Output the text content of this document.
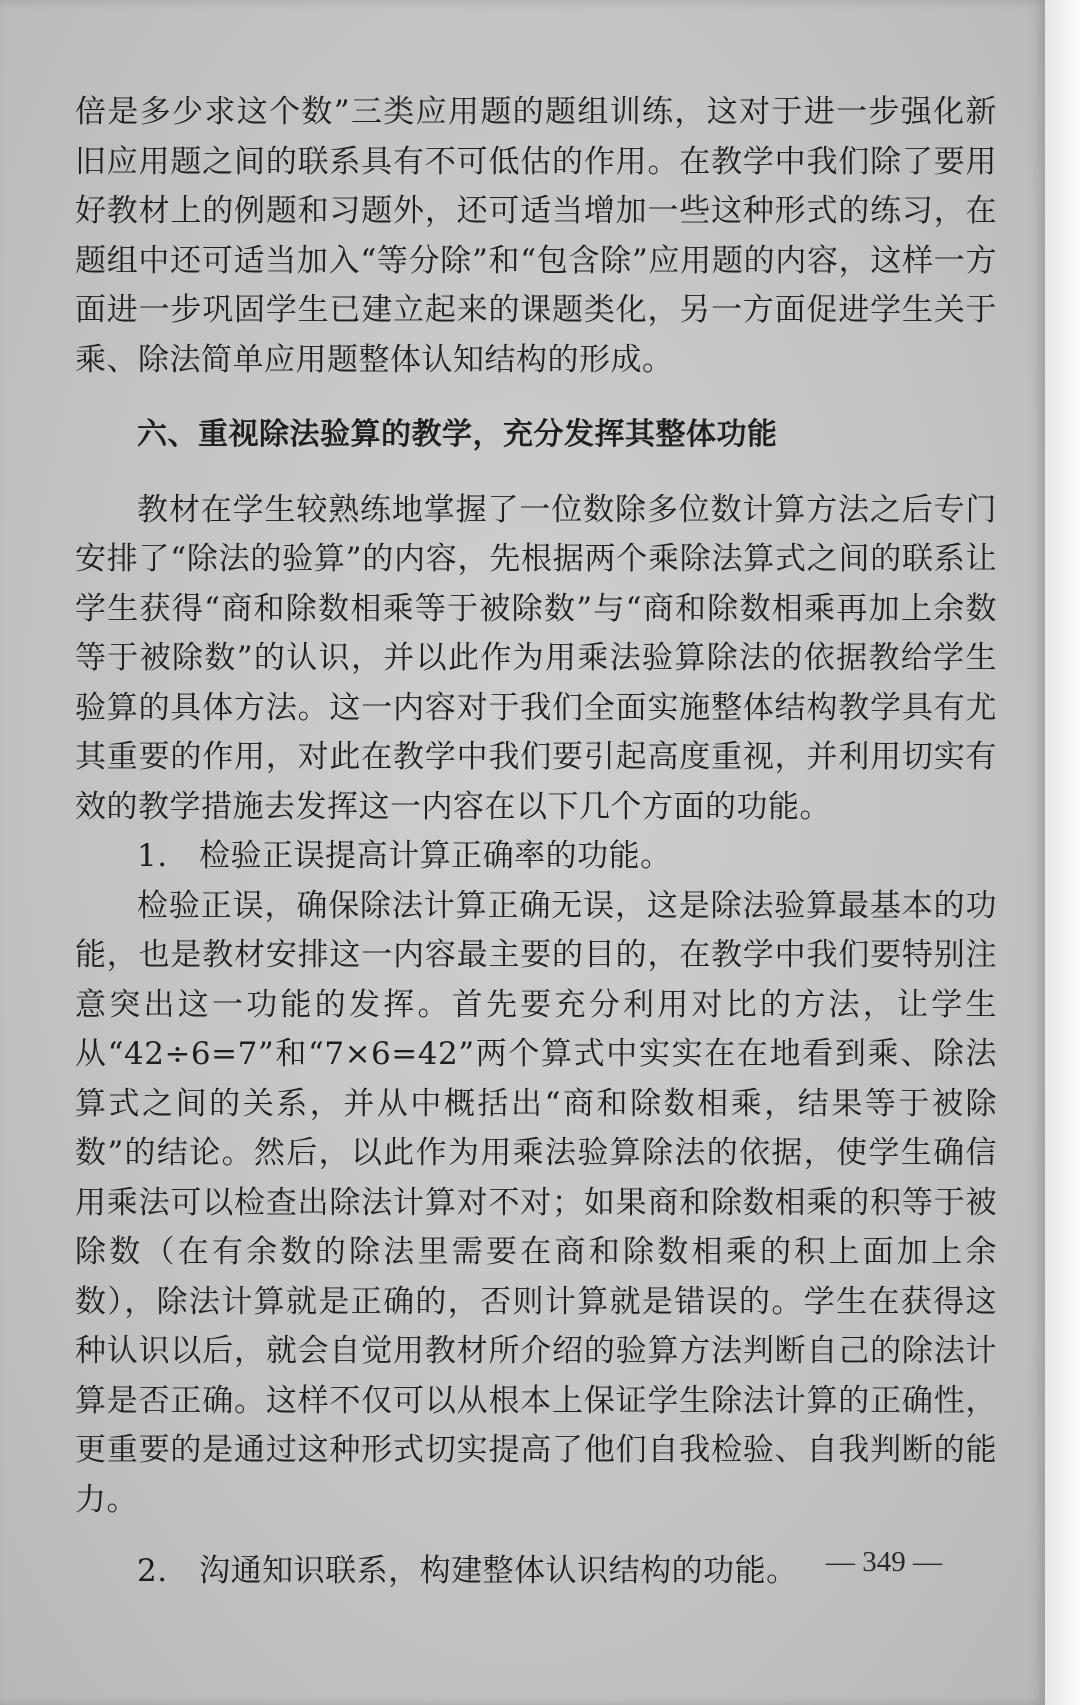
倍是多少求这个数”三类应用题的题组训练，这对于进一步强化新旧应用题之间的联系具有不可低估的作用。在教学中我们除了要用好教材上的例题和习题外，还可适当增加一些这种形式的练习，在题组中还可适当加入“等分除”和“包含除”应用题的内容，这样一方面进一步巩固学生已建立起来的课题类化，另一方面促进学生关于乘、除法简单应用题整体认知结构的形成。

六、重视除法验算的教学，充分发挥其整体功能

教材在学生较熟练地掌握了一位数除多位数计算方法之后专门安排了“除法的验算”的内容，先根据两个乘除法算式之间的联系让学生获得“商和除数相乘等于被除数”与“商和除数相乘再加上余数等于被除数”的认识，并以此作为用乘法验算除法的依据教给学生验算的具体方法。这一内容对于我们全面实施整体结构教学具有尤其重要的作用，对此在教学中我们要引起高度重视，并利用切实有效的教学措施去发挥这一内容在以下几个方面的功能。

1.　检验正误提高计算正确率的功能。

检验正误，确保除法计算正确无误，这是除法验算最基本的功能，也是教材安排这一内容最主要的目的，在教学中我们要特别注意突出这一功能的发挥。首先要充分利用对比的方法，让学生从“42÷6=7”和“7×6=42”两个算式中实实在在地看到乘、除法算式之间的关系，并从中概括出“商和除数相乘，结果等于被除数”的结论。然后，以此作为用乘法验算除法的依据，使学生确信用乘法可以检查出除法计算对不对；如果商和除数相乘的积等于被除数（在有余数的除法里需要在商和除数相乘的积上面加上余数），除法计算就是正确的，否则计算就是错误的。学生在获得这种认识以后，就会自觉用教材所介绍的验算方法判断自己的除法计算是否正确。这样不仅可以从根本上保证学生除法计算的正确性，更重要的是通过这种形式切实提高了他们自我检验、自我判断的能力。

2.　沟通知识联系，构建整体认识结构的功能。 — 349 —
